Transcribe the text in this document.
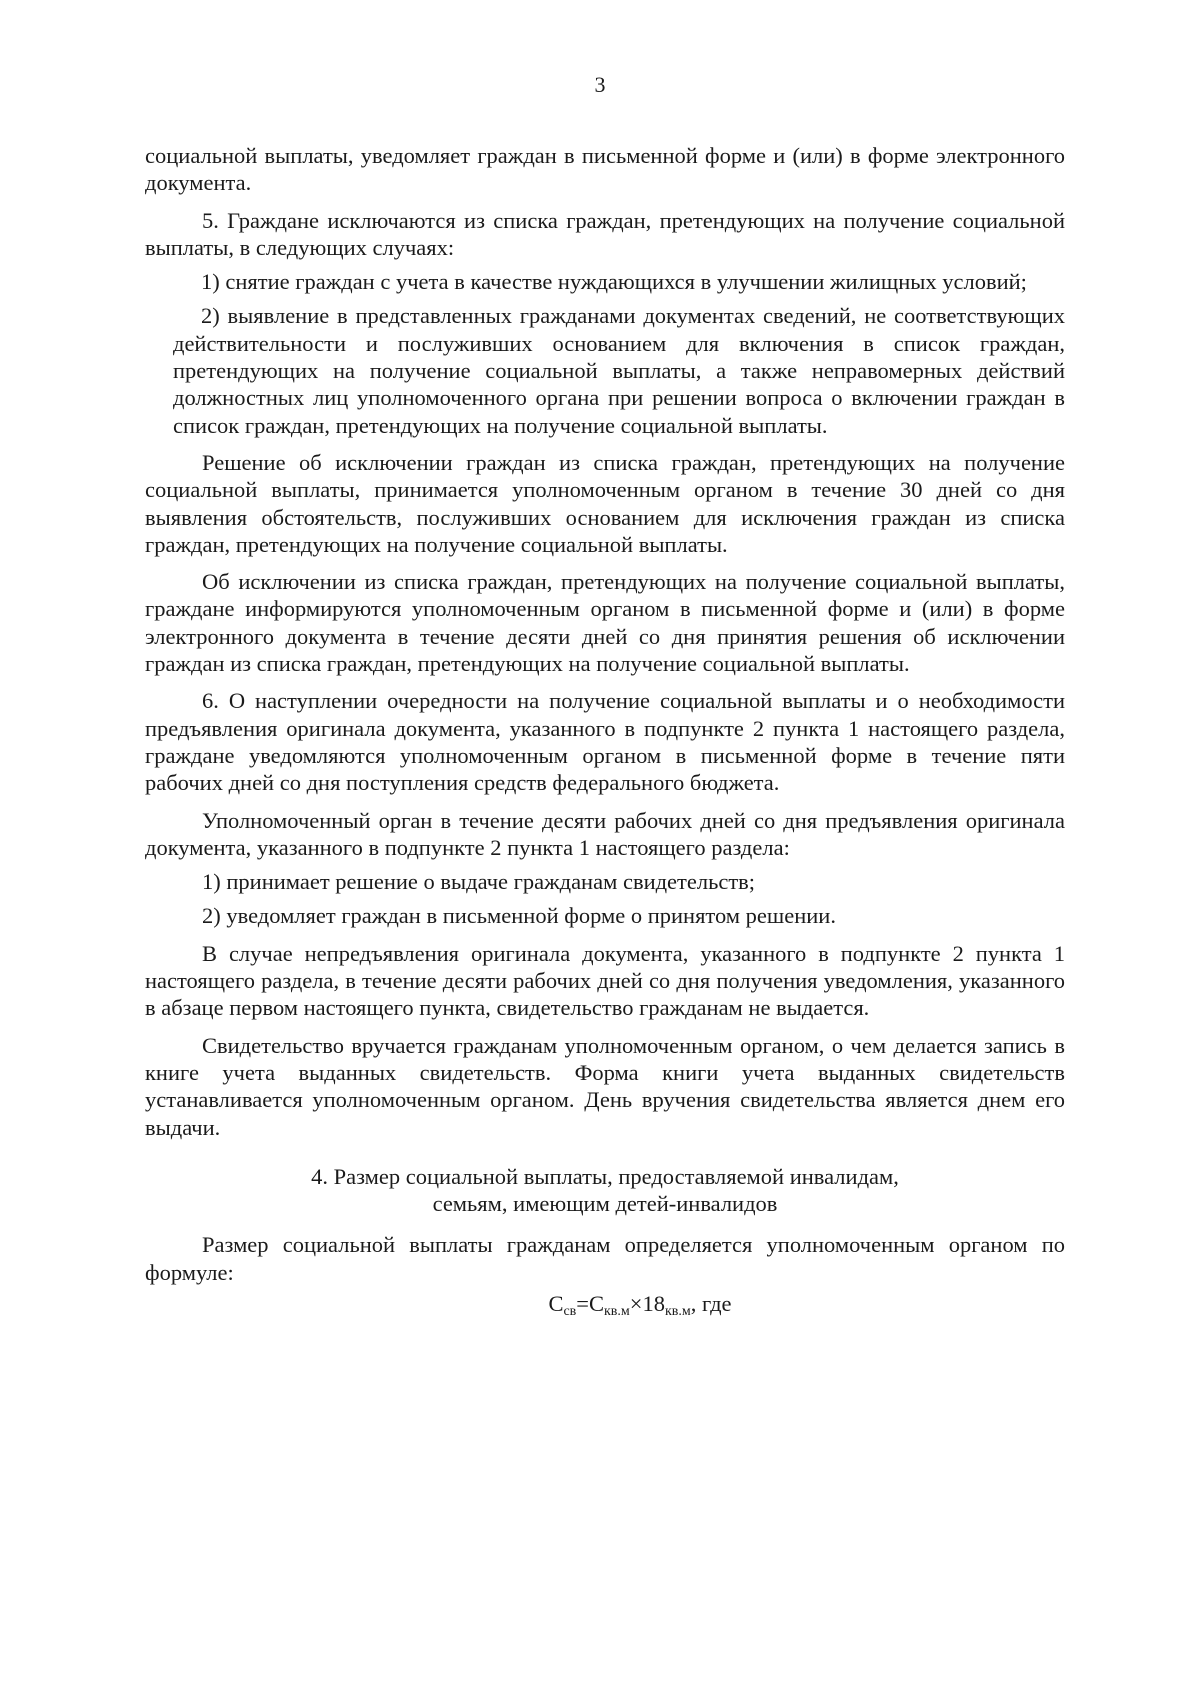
3

социальной выплаты, уведомляет граждан в письменной форме и (или) в форме электронного документа.

5. Граждане исключаются из списка граждан, претендующих на получение социальной выплаты, в следующих случаях:

1) снятие граждан с учета в качестве нуждающихся в улучшении жилищных условий;

2) выявление в представленных гражданами документах сведений, не соответствующих действительности и послуживших основанием для включения в список граждан, претендующих на получение социальной выплаты, а также неправомерных действий должностных лиц уполномоченного органа при решении вопроса о включении граждан в список граждан, претендующих на получение социальной выплаты.

Решение об исключении граждан из списка граждан, претендующих на получение социальной выплаты, принимается уполномоченным органом в течение 30 дней со дня выявления обстоятельств, послуживших основанием для исключения граждан из списка граждан, претендующих на получение социальной выплаты.

Об исключении из списка граждан, претендующих на получение социальной выплаты, граждане информируются уполномоченным органом в письменной форме и (или) в форме электронного документа в течение десяти дней со дня принятия решения об исключении граждан из списка граждан, претендующих на получение социальной выплаты.

6. О наступлении очередности на получение социальной выплаты и о необходимости предъявления оригинала документа, указанного в подпункте 2 пункта 1 настоящего раздела, граждане уведомляются уполномоченным органом в письменной форме в течение пяти рабочих дней со дня поступления средств федерального бюджета.

Уполномоченный орган в течение десяти рабочих дней со дня предъявления оригинала документа, указанного в подпункте 2 пункта 1 настоящего раздела:

1) принимает решение о выдаче гражданам свидетельств;

2) уведомляет граждан в письменной форме о принятом решении.

В случае непредъявления оригинала документа, указанного в подпункте 2 пункта 1 настоящего раздела, в течение десяти рабочих дней со дня получения уведомления, указанного в абзаце первом настоящего пункта, свидетельство гражданам не выдается.

Свидетельство вручается гражданам уполномоченным органом, о чем делается запись в книге учета выданных свидетельств. Форма книги учета выданных свидетельств устанавливается уполномоченным органом. День вручения свидетельства является днем его выдачи.

4. Размер социальной выплаты, предоставляемой инвалидам,
семьям, имеющим детей-инвалидов

Размер социальной выплаты гражданам определяется уполномоченным органом по формуле:

$С_{св}=С_{кв.м}\times 18_{кв.м}$, где
